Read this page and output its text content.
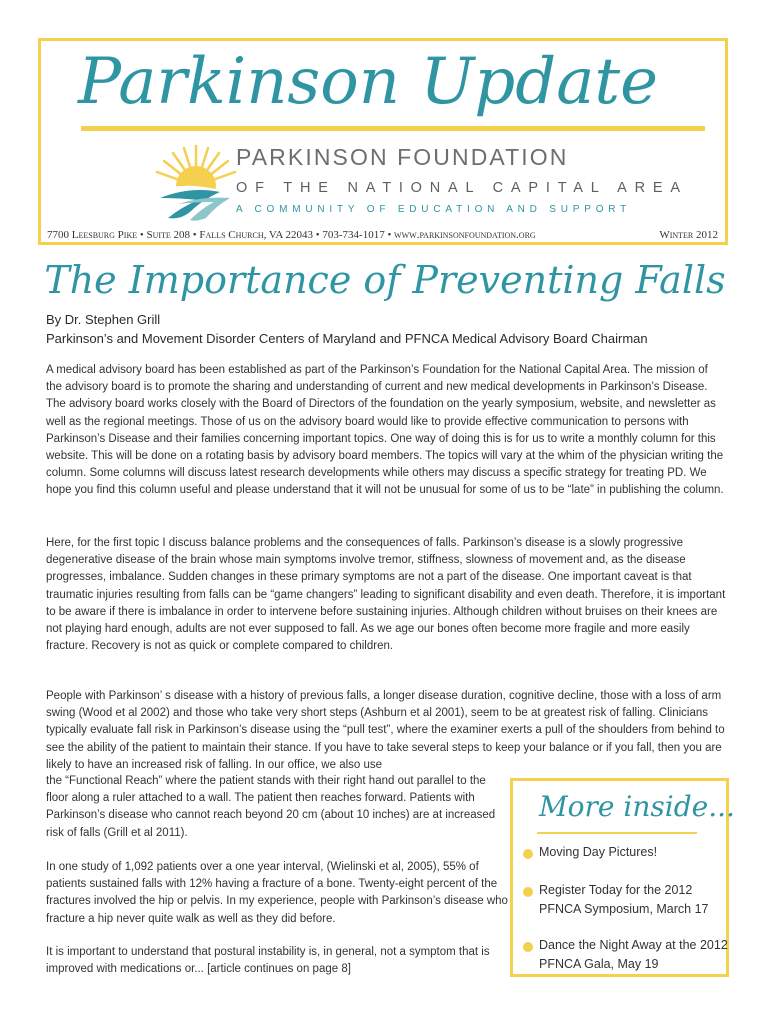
Parkinson Update
PARKINSON FOUNDATION
OF THE NATIONAL CAPITAL AREA
A COMMUNITY OF EDUCATION AND SUPPORT
7700 Leesburg Pike • Suite 208 • Falls Church, VA 22043 • 703-734-1017 • www.parkinsonfoundation.org	Winter 2012
The Importance of Preventing Falls
By Dr. Stephen Grill
Parkinson’s and Movement Disorder Centers of Maryland and PFNCA Medical Advisory Board Chairman

A medical advisory board has been established as part of the Parkinson’s Foundation for the National Capital Area. The mission of the advisory board is to promote the sharing and understanding of current and new medical developments in Parkinson’s Disease. The advisory board works closely with the Board of Directors of the foundation on the yearly symposium, website, and newsletter as well as the regional meetings. Those of us on the advisory board would like to provide effective communication to persons with Parkinson’s Disease and their families concerning important topics. One way of doing this is for us to write a monthly column for this website. This will be done on a rotating basis by advisory board members. The topics will vary at the whim of the physician writing the column. Some columns will discuss latest research developments while others may discuss a specific strategy for treating PD. We hope you find this column useful and please understand that it will not be unusual for some of us to be “late” in publishing the column.

Here, for the first topic I discuss balance problems and the consequences of falls. Parkinson’s disease is a slowly progressive degenerative disease of the brain whose main symptoms involve tremor, stiffness, slowness of movement and, as the disease progresses, imbalance. Sudden changes in these primary symptoms are not a part of the disease. One important caveat is that traumatic injuries resulting from falls can be “game changers” leading to significant disability and even death. Therefore, it is important to be aware if there is imbalance in order to intervene before sustaining injuries. Although children without bruises on their knees are not playing hard enough, adults are not ever supposed to fall. As we age our bones often become more fragile and more easily fracture. Recovery is not as quick or complete compared to children.

People with Parkinson’ s disease with a history of previous falls, a longer disease duration, cognitive decline, those with a loss of arm swing (Wood et al 2002) and those who take very short steps (Ashburn et al 2001), seem to be at greatest risk of falling. Clinicians typically evaluate fall risk in Parkinson’s disease using the “pull test”, where the examiner exerts a pull of the shoulders from behind to see the ability of the patient to maintain their stance. If you have to take several steps to keep your balance or if you fall, then you are likely to have an increased risk of falling. In our office, we also use

the “Functional Reach” where the patient stands with their right hand out parallel to the floor along a ruler attached to a wall. The patient then reaches forward. Patients with Parkinson’s disease who cannot reach beyond 20 cm (about 10 inches) are at increased risk of falls (Grill et al 2011).

In one study of 1,092 patients over a one year interval, (Wielinski et al, 2005), 55% of patients sustained falls with 12% having a fracture of a bone. Twenty-eight percent of the fractures involved the hip or pelvis. In my experience, people with Parkinson’s disease who fracture a hip never quite walk as well as they did before.

It is important to understand that postural instability is, in general, not a symptom that is improved with medications or... [article continues on page 8]

More inside...
Moving Day Pictures!
Register Today for the 2012 PFNCA Symposium, March 17
Dance the Night Away at the 2012 PFNCA Gala, May 19
